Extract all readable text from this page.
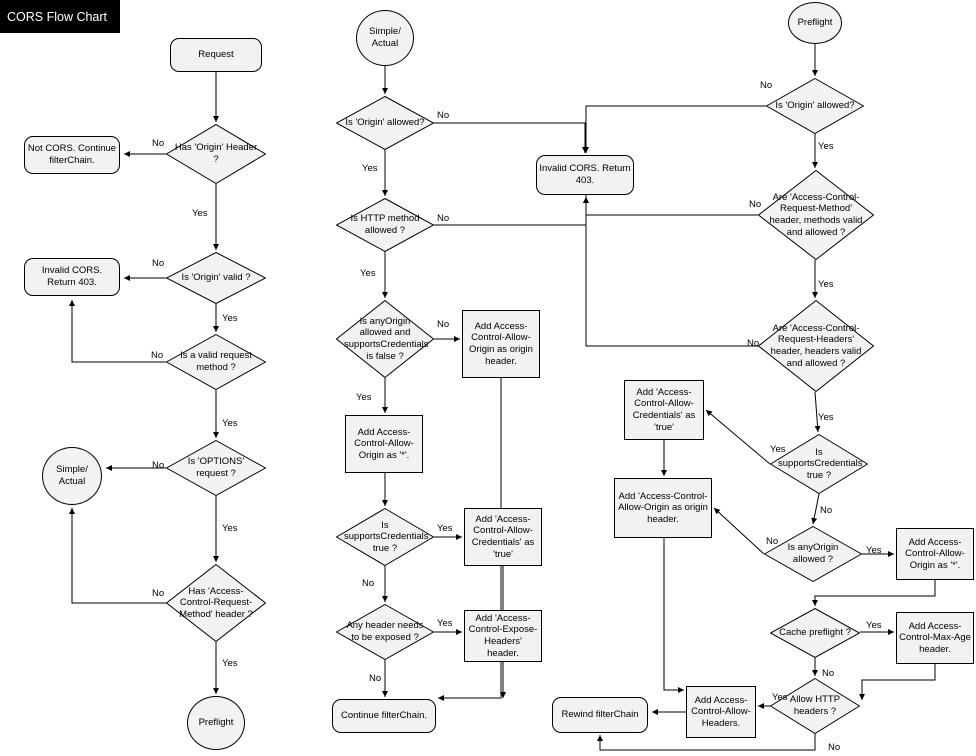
CORS Flow Chart
Request
Has 'Origin' Header ?
Not CORS. Continue filterChain.
Is 'Origin' valid ?
Invalid CORS. Return 403.
Is a valid request method ?
Is 'OPTIONS' request ?
Simple/ Actual
Has 'Access-Control-Request-Method' header ?
Preflight
Simple/ Actual
Is 'Origin' allowed?
Is HTTP method allowed ?
Is anyOrigin allowed and supportsCredentials is false ?
Add Access-Control-Allow-Origin as origin header.
Add Access-Control-Allow-Origin as '*'.
Is supportsCredentials true ?
Add 'Access-Control-Allow-Credentials' as 'true'
Any header needs to be exposed ?
Add 'Access-Control-Expose-Headers' header.
Continue filterChain.
Invalid CORS. Return 403.
Preflight
Is 'Origin' allowed?
Are 'Access-Control-Request-Method' header, methods valid and allowed ?
Are 'Access-Control-Request-Headers' header, headers valid and allowed ?
Is supportsCredentials true ?
Add 'Access-Control-Allow-Credentials' as 'true'
Add 'Access-Control-Allow-Origin as origin header.
Is anyOrigin allowed ?
Add Access-Control-Allow-Origin as '*'.
Cache preflight ?
Add Access-Control-Max-Age header.
Allow HTTP headers ?
Add Access-Control-Allow-Headers.
Rewind filterChain
No
Yes
No
Yes
No
Yes
No
Yes
No
Yes
No
Yes
No
Yes
No
Yes
Yes
No
Yes
No
No
Yes
No
Yes
No
Yes
Yes
No
No
Yes
Yes
No
Yes
No
